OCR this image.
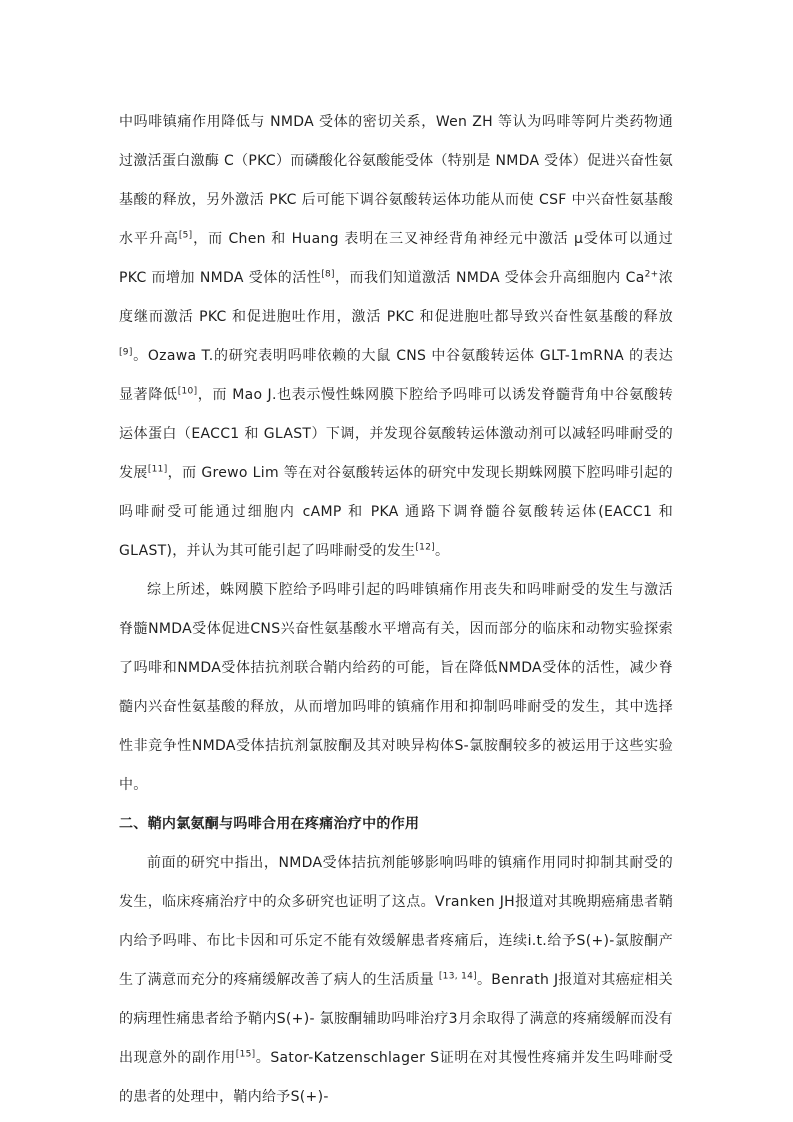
中吗啡镇痛作用降低与 NMDA 受体的密切关系，Wen ZH 等认为吗啡等阿片类药物通过激活蛋白激酶 C（PKC）而磷酸化谷氨酸能受体（特别是 NMDA 受体）促进兴奋性氨基酸的释放，另外激活 PKC 后可能下调谷氨酸转运体功能从而使 CSF 中兴奋性氨基酸水平升高[5]，而 Chen 和 Huang 表明在三叉神经背角神经元中激活 μ受体可以通过 PKC 而增加 NMDA 受体的活性[8]，而我们知道激活 NMDA 受体会升高细胞内 $Ca^{2+}$浓度继而激活 PKC 和促进胞吐作用，激活 PKC 和促进胞吐都导致兴奋性氨基酸的释放[9]。Ozawa T.的研究表明吗啡依赖的大鼠 CNS 中谷氨酸转运体 GLT-1mRNA 的表达显著降低[10]，而 Mao J.也表示慢性蛛网膜下腔给予吗啡可以诱发脊髓背角中谷氨酸转运体蛋白（EACC1 和 GLAST）下调，并发现谷氨酸转运体激动剂可以减轻吗啡耐受的发展[11]，而 Grewo Lim 等在对谷氨酸转运体的研究中发现长期蛛网膜下腔吗啡引起的吗啡耐受可能通过细胞内 cAMP 和 PKA 通路下调脊髓谷氨酸转运体(EACC1 和 GLAST)，并认为其可能引起了吗啡耐受的发生[12]。

综上所述，蛛网膜下腔给予吗啡引起的吗啡镇痛作用丧失和吗啡耐受的发生与激活脊髓NMDA受体促进CNS兴奋性氨基酸水平增高有关，因而部分的临床和动物实验探索了吗啡和NMDA受体拮抗剂联合鞘内给药的可能，旨在降低NMDA受体的活性，减少脊髓内兴奋性氨基酸的释放，从而增加吗啡的镇痛作用和抑制吗啡耐受的发生，其中选择性非竞争性NMDA受体拮抗剂氯胺酮及其对映异构体S-氯胺酮较多的被运用于这些实验中。

二、鞘内氯氨酮与吗啡合用在疼痛治疗中的作用

前面的研究中指出，NMDA受体拮抗剂能够影响吗啡的镇痛作用同时抑制其耐受的发生，临床疼痛治疗中的众多研究也证明了这点。Vranken JH报道对其晚期癌痛患者鞘内给予吗啡、布比卡因和可乐定不能有效缓解患者疼痛后，连续i.t.给予S(+)-氯胺酮产生了满意而充分的疼痛缓解改善了病人的生活质量 [13, 14]。Benrath J报道对其癌症相关的病理性痛患者给予鞘内S(+)- 氯胺酮辅助吗啡治疗3月余取得了满意的疼痛缓解而没有出现意外的副作用[15]。Sator-Katzenschlager S证明在对其慢性疼痛并发生吗啡耐受的患者的处理中，鞘内给予S(+)-
